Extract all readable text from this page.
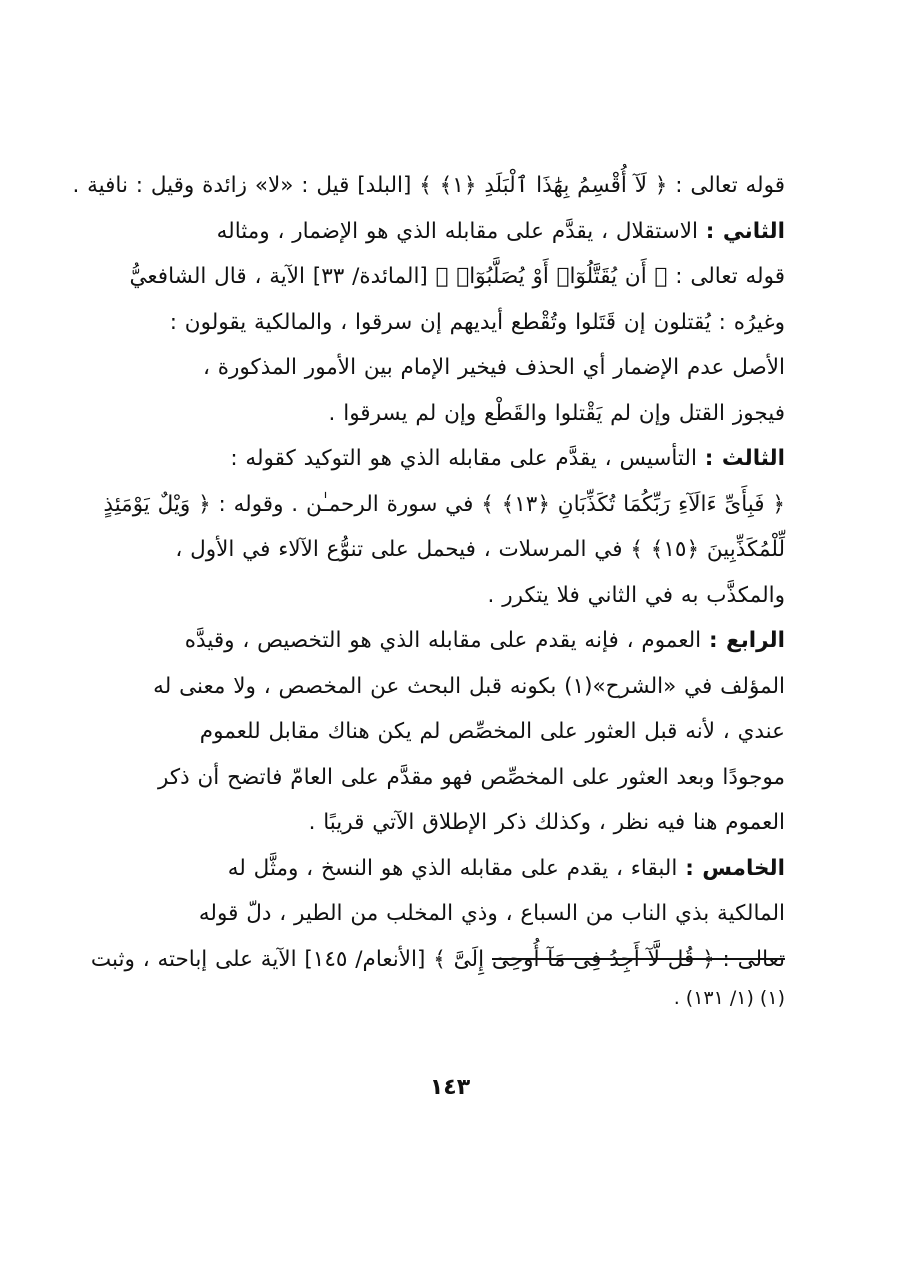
قوله تعالى : ﴿ لَآ أُقْسِمُ بِهَٰذَا ٱلْبَلَدِ ﴿١﴾ ﴾ [البلد] قيل : «لا» زائدة وقيل : نافية .
الثاني : الاستقلال ، يقدَّم على مقابله الذي هو الإضمار ، ومثاله
قوله تعالى : ﴿ أَن يُقَتَّلُوٓا۟ أَوْ يُصَلَّبُوٓا۟ ﴾ [المائدة/ ٣٣] الآية ، قال الشافعيُّ
وغيرُه : يُقتلون إن قَتَلوا وتُقْطع أيديهم إن سرقوا ، والمالكية يقولون :
الأصل عدم الإضمار أي الحذف فيخير الإمام بين الأمور المذكورة ،
فيجوز القتل وإن لم يَقْتلوا والقَطْع وإن لم يسرقوا .
الثالث : التأسيس ، يقدَّم على مقابله الذي هو التوكيد كقوله :
﴿ فَبِأَىِّ ءَالَآءِ رَبِّكُمَا تُكَذِّبَانِ ﴿١٣﴾ ﴾ في سورة الرحمـٰن . وقوله : ﴿ وَيْلٌ يَوْمَئِذٍ
لِّلْمُكَذِّبِينَ ﴿١٥﴾ ﴾ في المرسلات ، فيحمل على تنوُّع الآلاء في الأول ،
والمكذَّب به في الثاني فلا يتكرر .
الرابع : العموم ، فإنه يقدم على مقابله الذي هو التخصيص ، وقيدَّه
المؤلف في «الشرح»(١) بكونه قبل البحث عن المخصص ، ولا معنى له
عندي ، لأنه قبل العثور على المخصِّص لم يكن هناك مقابل للعموم
موجودًا وبعد العثور على المخصِّص فهو مقدَّم على العامّ فاتضح أن ذكر
العموم هنا فيه نظر ، وكذلك ذكر الإطلاق الآتي قريبًا .
الخامس : البقاء ، يقدم على مقابله الذي هو النسخ ، ومثَّل له
المالكية بذي الناب من السباع ، وذي المخلب من الطير ، دلّ قوله
تعالى : ﴿ قُل لَّآ أَجِدُ فِى مَآ أُوحِىَ إِلَىَّ ﴾ [الأنعام/ ١٤٥] الآية على إباحته ، وثبت
(١) (١/ ١٣١) .
١٤٣
